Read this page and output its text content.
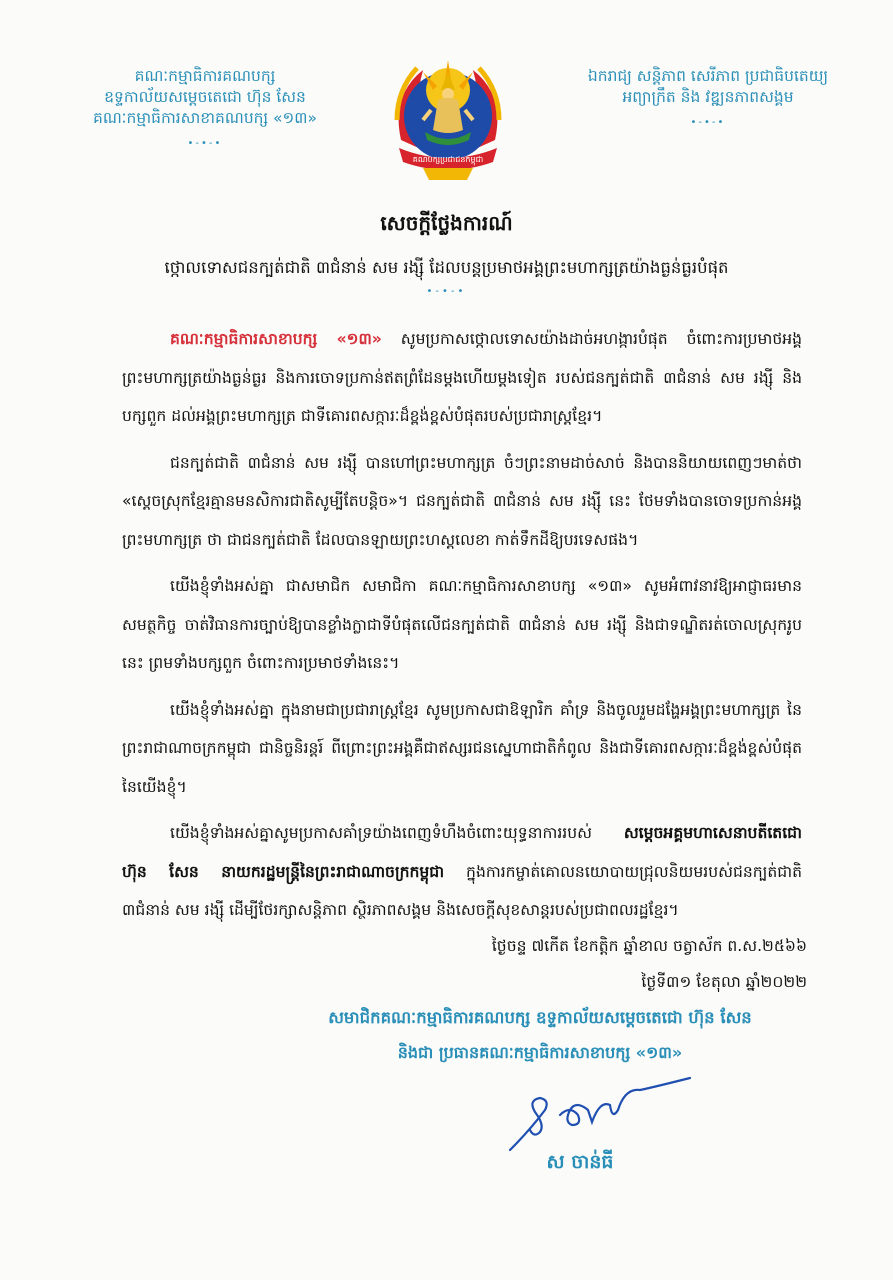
គណៈកម្មាធិការគណបក្ស
ឧទ្ទកាល័យសម្ដេចតេជោ ហ៊ុន សែន
គណៈកម្មាធិការសាខាគណបក្ស «១៣»
•-•-•
គណបក្សប្រជាជនកម្ពុជា
ឯករាជ្យ សន្តិភាព សេរីភាព ប្រជាធិបតេយ្យ
អព្យាក្រឹត និង វឌ្ឍនភាពសង្គម
•-•-•
សេចក្តីថ្លែងការណ៍
ថ្កោលទោសជនក្បត់ជាតិ ៣ជំនាន់ សម រង្ស៊ី ដែលបន្តប្រមាថអង្គព្រះមហាក្សត្រយ៉ាងធ្ងន់ធ្ងរបំផុត
•-•-•

គណៈកម្មាធិការសាខាបក្ស «១៣» សូមប្រកាសថ្កោលទោសយ៉ាងដាច់អហង្ការបំផុត ចំពោះការប្រមាថអង្គព្រះមហាក្សត្រយ៉ាងធ្ងន់ធ្ងរ និងការចោទប្រកាន់ឥតព្រំដែនម្ដងហើយម្ដងទៀត របស់ជនក្បត់ជាតិ ៣ជំនាន់ សម រង្ស៊ី និងបក្សពួក ដល់អង្គព្រះមហាក្សត្រ ជាទីគោរពសក្ការៈដ៏ខ្ពង់ខ្ពស់បំផុតរបស់ប្រជារាស្ត្រខ្មែរ។

ជនក្បត់ជាតិ ៣ជំនាន់ សម រង្ស៊ី បានហៅព្រះមហាក្សត្រ ចំៗព្រះនាមដាច់សាច់ និងបាននិយាយពេញៗមាត់ថា «ស្តេចស្រុកខ្មែរគ្មានមនសិការជាតិសូម្បីតែបន្តិច»។ ជនក្បត់ជាតិ ៣ជំនាន់ សម រង្ស៊ី នេះ ថែមទាំងបានចោទប្រកាន់អង្គព្រះមហាក្សត្រ ថា ជាជនក្បត់ជាតិ ដែលបានឡាយព្រះហស្តលេខា កាត់ទឹកដីឱ្យបរទេសផង។

យើងខ្ញុំទាំងអស់គ្នា ជាសមាជិក សមាជិកា គណៈកម្មាធិការសាខាបក្ស «១៣» សូមអំពាវនាវឱ្យអាជ្ញាធរមានសមត្ថកិច្ច ចាត់វិធានការច្បាប់ឱ្យបានខ្លាំងក្លាជាទីបំផុតលើជនក្បត់ជាតិ ៣ជំនាន់ សម រង្ស៊ី និងជាទណ្ឌិតរត់ចោលស្រុករូបនេះ ព្រមទាំងបក្សពួក ចំពោះការប្រមាថទាំងនេះ។

យើងខ្ញុំទាំងអស់គ្នា ក្នុងនាមជាប្រជារាស្ត្រខ្មែរ សូមប្រកាសជាឱឡារិក គាំទ្រ និងចូលរួមដង្ហែអង្គព្រះមហាក្សត្រ នៃព្រះរាជាណាចក្រកម្ពុជា ជានិច្ចនិរន្តរ៍ ពីព្រោះព្រះអង្គគឺជាឥស្សរជនស្នេហាជាតិកំពូល និងជាទីគោរពសក្ការៈដ៏ខ្ពង់ខ្ពស់បំផុតនៃយើងខ្ញុំ។

យើងខ្ញុំទាំងអស់គ្នាសូមប្រកាសគាំទ្រយ៉ាងពេញទំហឹងចំពោះយុទ្ធនាការរបស់ សម្ដេចអគ្គមហាសេនាបតីតេជោ ហ៊ុន សែន នាយករដ្ឋមន្ត្រីនៃព្រះរាជាណាចក្រកម្ពុជា ក្នុងការកម្ចាត់គោលនយោបាយជ្រុលនិយមរបស់ជនក្បត់ជាតិ ៣ជំនាន់ សម រង្ស៊ី ដើម្បីថែរក្សាសន្តិភាព ស្ថិរភាពសង្គម និងសេចក្តីសុខសាន្តរបស់ប្រជាពលរដ្ឋខ្មែរ។

ថ្ងៃចន្ទ ៧កើត ខែកត្តិក ឆ្នាំខាល ចត្វាស័ក ព.ស.២៥៦៦
ថ្ងៃទី៣១ ខែតុលា ឆ្នាំ២០២២
សមាជិកគណៈកម្មាធិការគណបក្ស ឧទ្ទកាល័យសម្ដេចតេជោ ហ៊ុន សែន
និងជា ប្រធានគណៈកម្មាធិការសាខាបក្ស «១៣»
ស ចាន់ធី
